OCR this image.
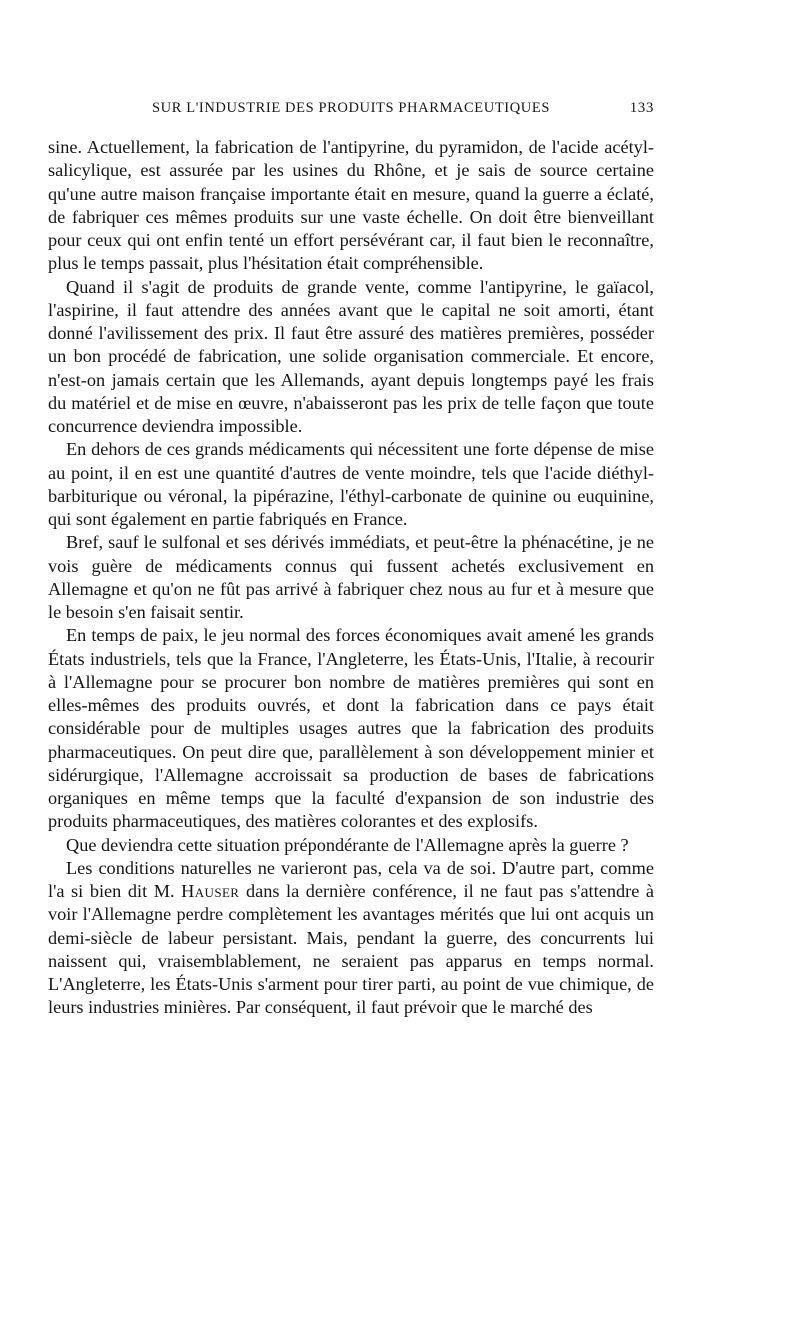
SUR L'INDUSTRIE DES PRODUITS PHARMACEUTIQUES	133

sine. Actuellement, la fabrication de l'antipyrine, du pyramidon, de l'acide acétyl-salicylique, est assurée par les usines du Rhône, et je sais de source certaine qu'une autre maison française importante était en mesure, quand la guerre a éclaté, de fabriquer ces mêmes produits sur une vaste échelle. On doit être bienveillant pour ceux qui ont enfin tenté un effort persévérant car, il faut bien le reconnaître, plus le temps passait, plus l'hésitation était compréhensible.

Quand il s'agit de produits de grande vente, comme l'antipyrine, le gaïacol, l'aspirine, il faut attendre des années avant que le capital ne soit amorti, étant donné l'avilissement des prix. Il faut être assuré des matières premières, posséder un bon procédé de fabrication, une solide organisation commerciale. Et encore, n'est-on jamais certain que les Allemands, ayant depuis longtemps payé les frais du matériel et de mise en œuvre, n'abaisseront pas les prix de telle façon que toute concurrence deviendra impossible.

En dehors de ces grands médicaments qui nécessitent une forte dépense de mise au point, il en est une quantité d'autres de vente moindre, tels que l'acide diéthyl-barbiturique ou véronal, la pipérazine, l'éthyl-carbonate de quinine ou euquinine, qui sont également en partie fabriqués en France.

Bref, sauf le sulfonal et ses dérivés immédiats, et peut-être la phénacétine, je ne vois guère de médicaments connus qui fussent achetés exclusivement en Allemagne et qu'on ne fût pas arrivé à fabriquer chez nous au fur et à mesure que le besoin s'en faisait sentir.

En temps de paix, le jeu normal des forces économiques avait amené les grands États industriels, tels que la France, l'Angleterre, les États-Unis, l'Italie, à recourir à l'Allemagne pour se procurer bon nombre de matières premières qui sont en elles-mêmes des produits ouvrés, et dont la fabrication dans ce pays était considérable pour de multiples usages autres que la fabrication des produits pharmaceutiques. On peut dire que, parallèlement à son développement minier et sidérurgique, l'Allemagne accroissait sa production de bases de fabrications organiques en même temps que la faculté d'expansion de son industrie des produits pharmaceutiques, des matières colorantes et des explosifs.

Que deviendra cette situation prépondérante de l'Allemagne après la guerre ?

Les conditions naturelles ne varieront pas, cela va de soi. D'autre part, comme l'a si bien dit M. Hauser dans la dernière conférence, il ne faut pas s'attendre à voir l'Allemagne perdre complètement les avantages mérités que lui ont acquis un demi-siècle de labeur persistant. Mais, pendant la guerre, des concurrents lui naissent qui, vraisemblablement, ne seraient pas apparus en temps normal. L'Angleterre, les États-Unis s'arment pour tirer parti, au point de vue chimique, de leurs industries minières. Par conséquent, il faut prévoir que le marché des
